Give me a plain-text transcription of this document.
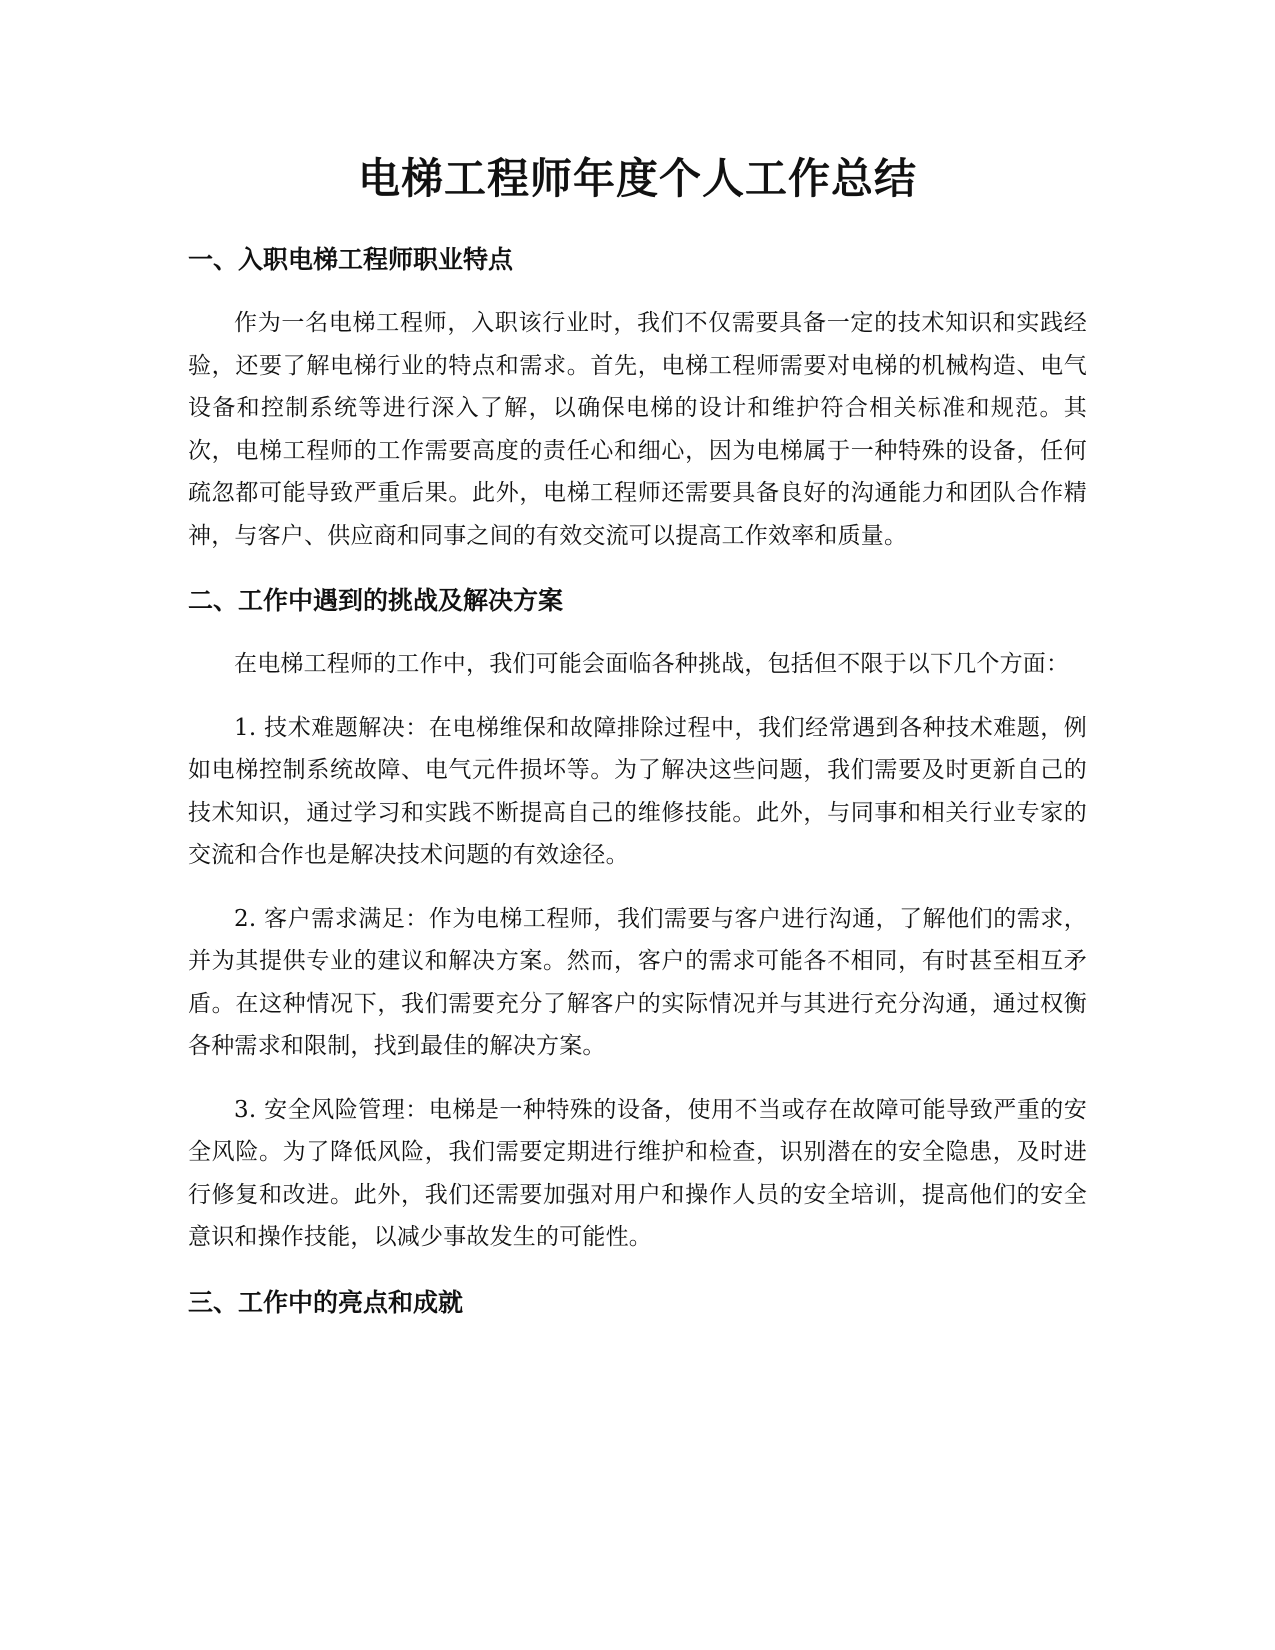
电梯工程师年度个人工作总结
一、入职电梯工程师职业特点

作为一名电梯工程师，入职该行业时，我们不仅需要具备一定的技术知识和实践经验，还要了解电梯行业的特点和需求。首先，电梯工程师需要对电梯的机械构造、电气设备和控制系统等进行深入了解，以确保电梯的设计和维护符合相关标准和规范。其次，电梯工程师的工作需要高度的责任心和细心，因为电梯属于一种特殊的设备，任何疏忽都可能导致严重后果。此外，电梯工程师还需要具备良好的沟通能力和团队合作精神，与客户、供应商和同事之间的有效交流可以提高工作效率和质量。

二、工作中遇到的挑战及解决方案

在电梯工程师的工作中，我们可能会面临各种挑战，包括但不限于以下几个方面：

1. 技术难题解决：在电梯维保和故障排除过程中，我们经常遇到各种技术难题，例如电梯控制系统故障、电气元件损坏等。为了解决这些问题，我们需要及时更新自己的技术知识，通过学习和实践不断提高自己的维修技能。此外，与同事和相关行业专家的交流和合作也是解决技术问题的有效途径。

2. 客户需求满足：作为电梯工程师，我们需要与客户进行沟通，了解他们的需求，并为其提供专业的建议和解决方案。然而，客户的需求可能各不相同，有时甚至相互矛盾。在这种情况下，我们需要充分了解客户的实际情况并与其进行充分沟通，通过权衡各种需求和限制，找到最佳的解决方案。

3. 安全风险管理：电梯是一种特殊的设备，使用不当或存在故障可能导致严重的安全风险。为了降低风险，我们需要定期进行维护和检查，识别潜在的安全隐患，及时进行修复和改进。此外，我们还需要加强对用户和操作人员的安全培训，提高他们的安全意识和操作技能，以减少事故发生的可能性。

三、工作中的亮点和成就
